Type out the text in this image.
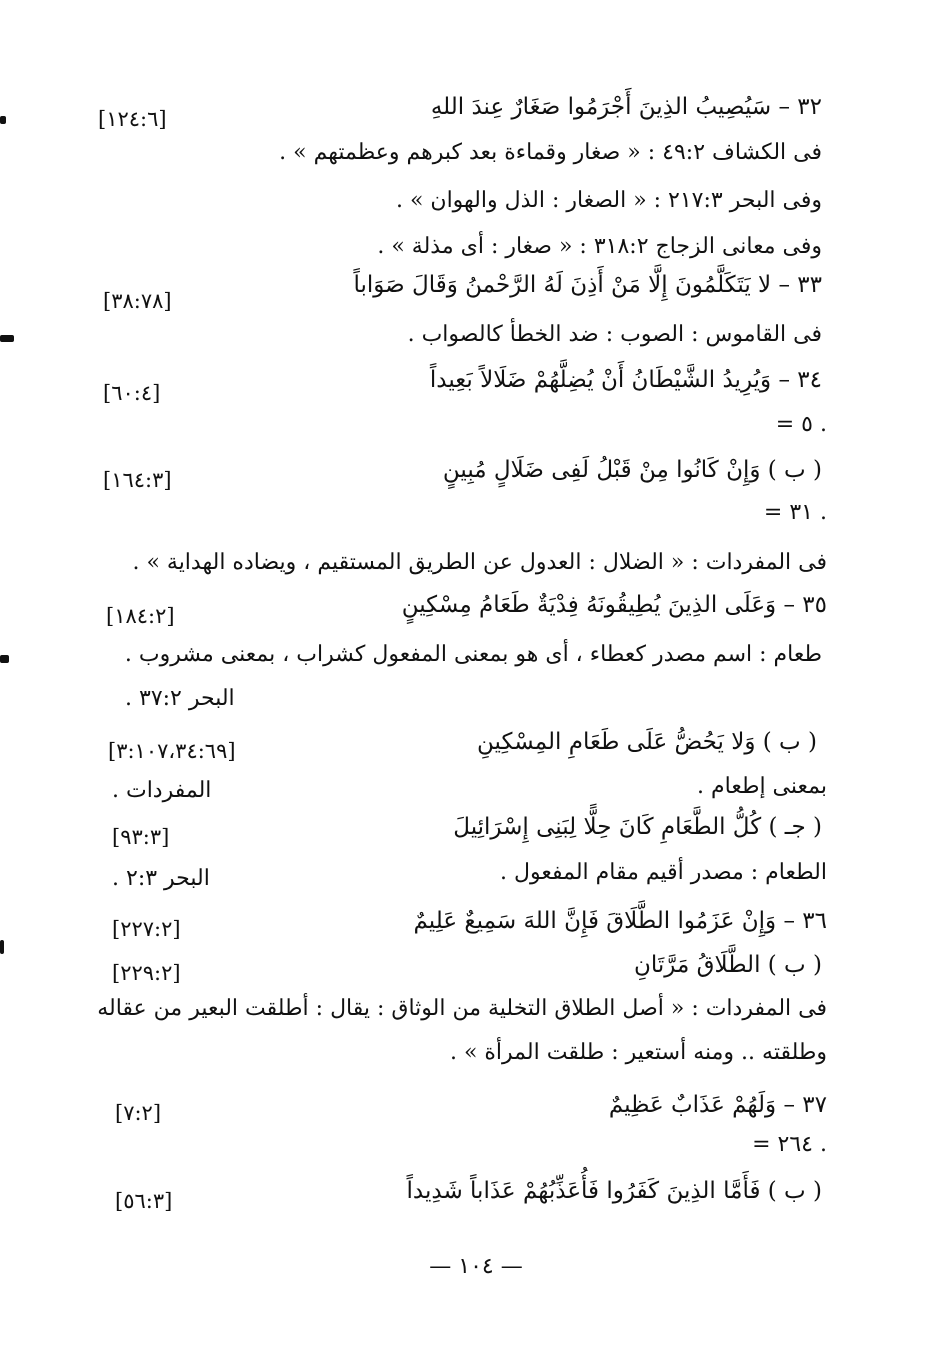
٣٢ – سَيُصِيبُ الذِينَ أَجْرَمُوا صَغَارٌ عِندَ اللهِ
[١٢٤:٦]
فى الكشاف ٤٩:٢ : « صغار وقماءة بعد كبرهم وعظمتهم » .
وفى البحر ٢١٧:٣ : « الصغار : الذل والهوان » .
وفى معانى الزجاج ٣١٨:٢ : « صغار : أى مذلة » .
٣٣ – لا يَتَكَلَّمُونَ إِلَّا مَنْ أَذِنَ لَهُ الرَّحْمنُ وَقَالَ صَوَاباً
[٣٨:٧٨]
فى القاموس : الصوب : ضد الخطأ كالصواب .
٣٤ – وَيُرِيدُ الشَّيْطَانُ أَنْ يُضِلَّهُمْ ضَلَالاً بَعِيداً
[٦٠:٤]
= ٥ .
( ب ) وَإِنْ كَانُوا مِنْ قَبْلُ لَفِى ضَلَالٍ مُبِينٍ
[١٦٤:٣]
= ٣١ .
فى المفردات : « الضلال : العدول عن الطريق المستقيم ، ويضاده الهداية » .
٣٥ – وَعَلَى الذِينَ يُطِيقُونَهُ فِدْيَةٌ طَعَامُ مِسْكِينٍ
[١٨٤:٢]
طعام : اسم مصدر كعطاء ، أى هو بمعنى المفعول كشراب ، بمعنى مشروب .
البحر ٣٧:٢ .
( ب ) وَلا يَحُضُّ عَلَى طَعَامِ المِسْكِينِ
[٣:١٠٧،٣٤:٦٩]
بمعنى إطعام .
المفردات .
( جـ ) كُلُّ الطَّعَامِ كَانَ حِلًّا لِبَنِى إِسْرَائِيلَ
[٩٣:٣]
الطعام : مصدر أقيم مقام المفعول .
البحر ٢:٣ .
٣٦ – وَإِنْ عَزَمُوا الطَّلَاقَ فَإِنَّ اللهَ سَمِيعٌ عَلِيمٌ
[٢٢٧:٢]
( ب ) الطَّلَاقُ مَرَّتَانِ
[٢٢٩:٢]
فى المفردات : « أصل الطلاق التخلية من الوثاق : يقال : أطلقت البعير من عقاله
وطلقته .. ومنه أستعير : طلقت المرأة » .
٣٧ – وَلَهُمْ عَذَابٌ عَظِيمٌ
[٧:٢]
= ٢٦٤ .
( ب ) فَأَمَّا الذِينَ كَفَرُوا فَأُعَذِّبُهُمْ عَذَاباً شَدِيداً
[٥٦:٣]
— ١٠٤ —
